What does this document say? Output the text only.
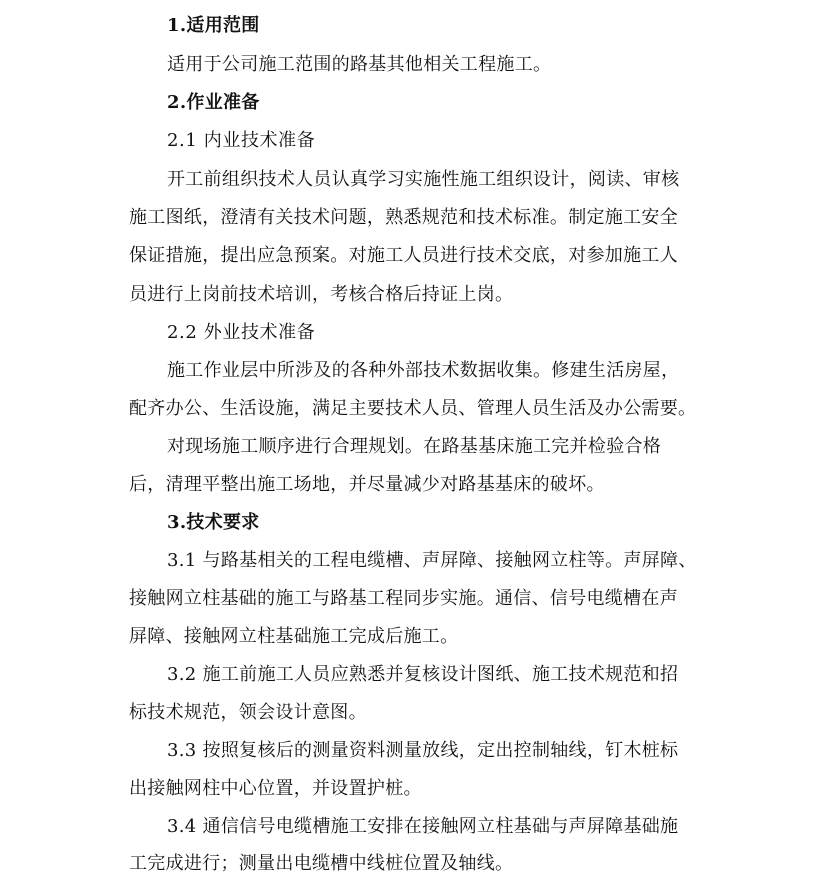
1.适用范围
适用于公司施工范围的路基其他相关工程施工。
2.作业准备
2.1 内业技术准备
开工前组织技术人员认真学习实施性施工组织设计，阅读、审核
施工图纸，澄清有关技术问题，熟悉规范和技术标准。制定施工安全
保证措施，提出应急预案。对施工人员进行技术交底，对参加施工人
员进行上岗前技术培训，考核合格后持证上岗。
2.2 外业技术准备
施工作业层中所涉及的各种外部技术数据收集。修建生活房屋，
配齐办公、生活设施，满足主要技术人员、管理人员生活及办公需要。
对现场施工顺序进行合理规划。在路基基床施工完并检验合格
后，清理平整出施工场地，并尽量减少对路基基床的破坏。
3.技术要求
3.1 与路基相关的工程电缆槽、声屏障、接触网立柱等。声屏障、
接触网立柱基础的施工与路基工程同步实施。通信、信号电缆槽在声
屏障、接触网立柱基础施工完成后施工。
3.2 施工前施工人员应熟悉并复核设计图纸、施工技术规范和招
标技术规范，领会设计意图。
3.3 按照复核后的测量资料测量放线，定出控制轴线，钉木桩标
出接触网柱中心位置，并设置护桩。
3.4 通信信号电缆槽施工安排在接触网立柱基础与声屏障基础施
工完成进行；测量出电缆槽中线桩位置及轴线。
